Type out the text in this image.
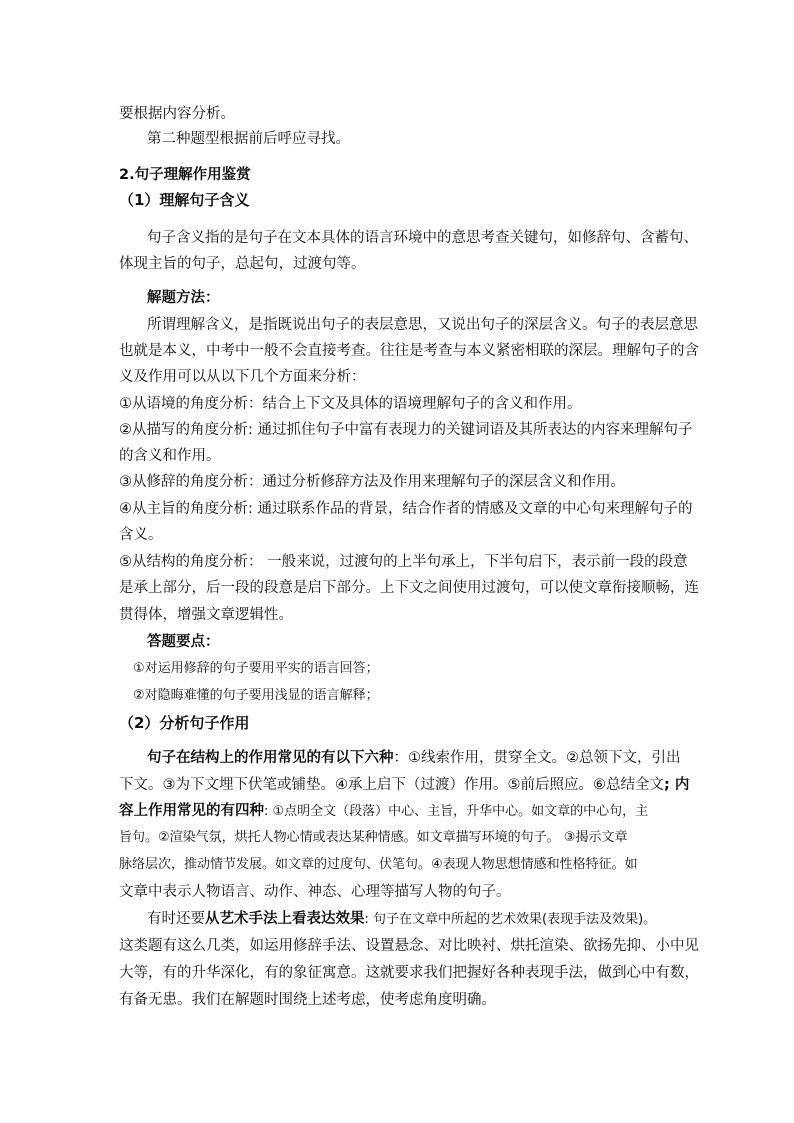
要根据内容分析。
第二种题型根据前后呼应寻找。
2.句子理解作用鉴赏
（1）理解句子含义
句子含义指的是句子在文本具体的语言环境中的意思考查关键句，如修辞句、含蓄句、
体现主旨的句子，总起句，过渡句等。
解题方法：
所谓理解含义，是指既说出句子的表层意思，又说出句子的深层含义。句子的表层意思
也就是本义，中考中一般不会直接考查。往往是考查与本义紧密相联的深层。理解句子的含
义及作用可以从以下几个方面来分析：
①从语境的角度分析：结合上下文及具体的语境理解句子的含义和作用。
②从描写的角度分析: 通过抓住句子中富有表现力的关键词语及其所表达的内容来理解句子
的含义和作用。
③从修辞的角度分析：通过分析修辞方法及作用来理解句子的深层含义和作用。
④从主旨的角度分析: 通过联系作品的背景，结合作者的情感及文章的中心句来理解句子的
含义。
⑤从结构的角度分析： 一般来说，过渡句的上半句承上，下半句启下，表示前一段的段意
是承上部分，后一段的段意是启下部分。上下文之间使用过渡句，可以使文章衔接顺畅，连
贯得体，增强文章逻辑性。
答题要点：
①对运用修辞的句子要用平实的语言回答；
②对隐晦难懂的句子要用浅显的语言解释；
（2）分析句子作用
句子在结构上的作用常见的有以下六种：①线索作用，贯穿全文。②总领下文，引出
下文。③为下文埋下伏笔或铺垫。④承上启下（过渡）作用。⑤前后照应。⑥总结全文; 内
容上作用常见的有四种: ①点明全文（段落）中心、主旨，升华中心。如文章的中心句，主
旨句。②渲染气氛，烘托人物心情或表达某种情感。如文章描写环境的句子。 ③揭示文章
脉络层次，推动情节发展。如文章的过度句、伏笔句。④表现人物思想情感和性格特征。如
文章中表示人物语言、动作、神态、心理等描写人物的句子。
有时还要从艺术手法上看表达效果: 句子在文章中所起的艺术效果(表现手法及效果)。
这类题有这么几类，如运用修辞手法、设置悬念、对比映衬、烘托渲染、欲扬先抑、小中见
大等，有的升华深化，有的象征寓意。这就要求我们把握好各种表现手法，做到心中有数，
有备无患。我们在解题时围绕上述考虑，使考虑角度明确。
